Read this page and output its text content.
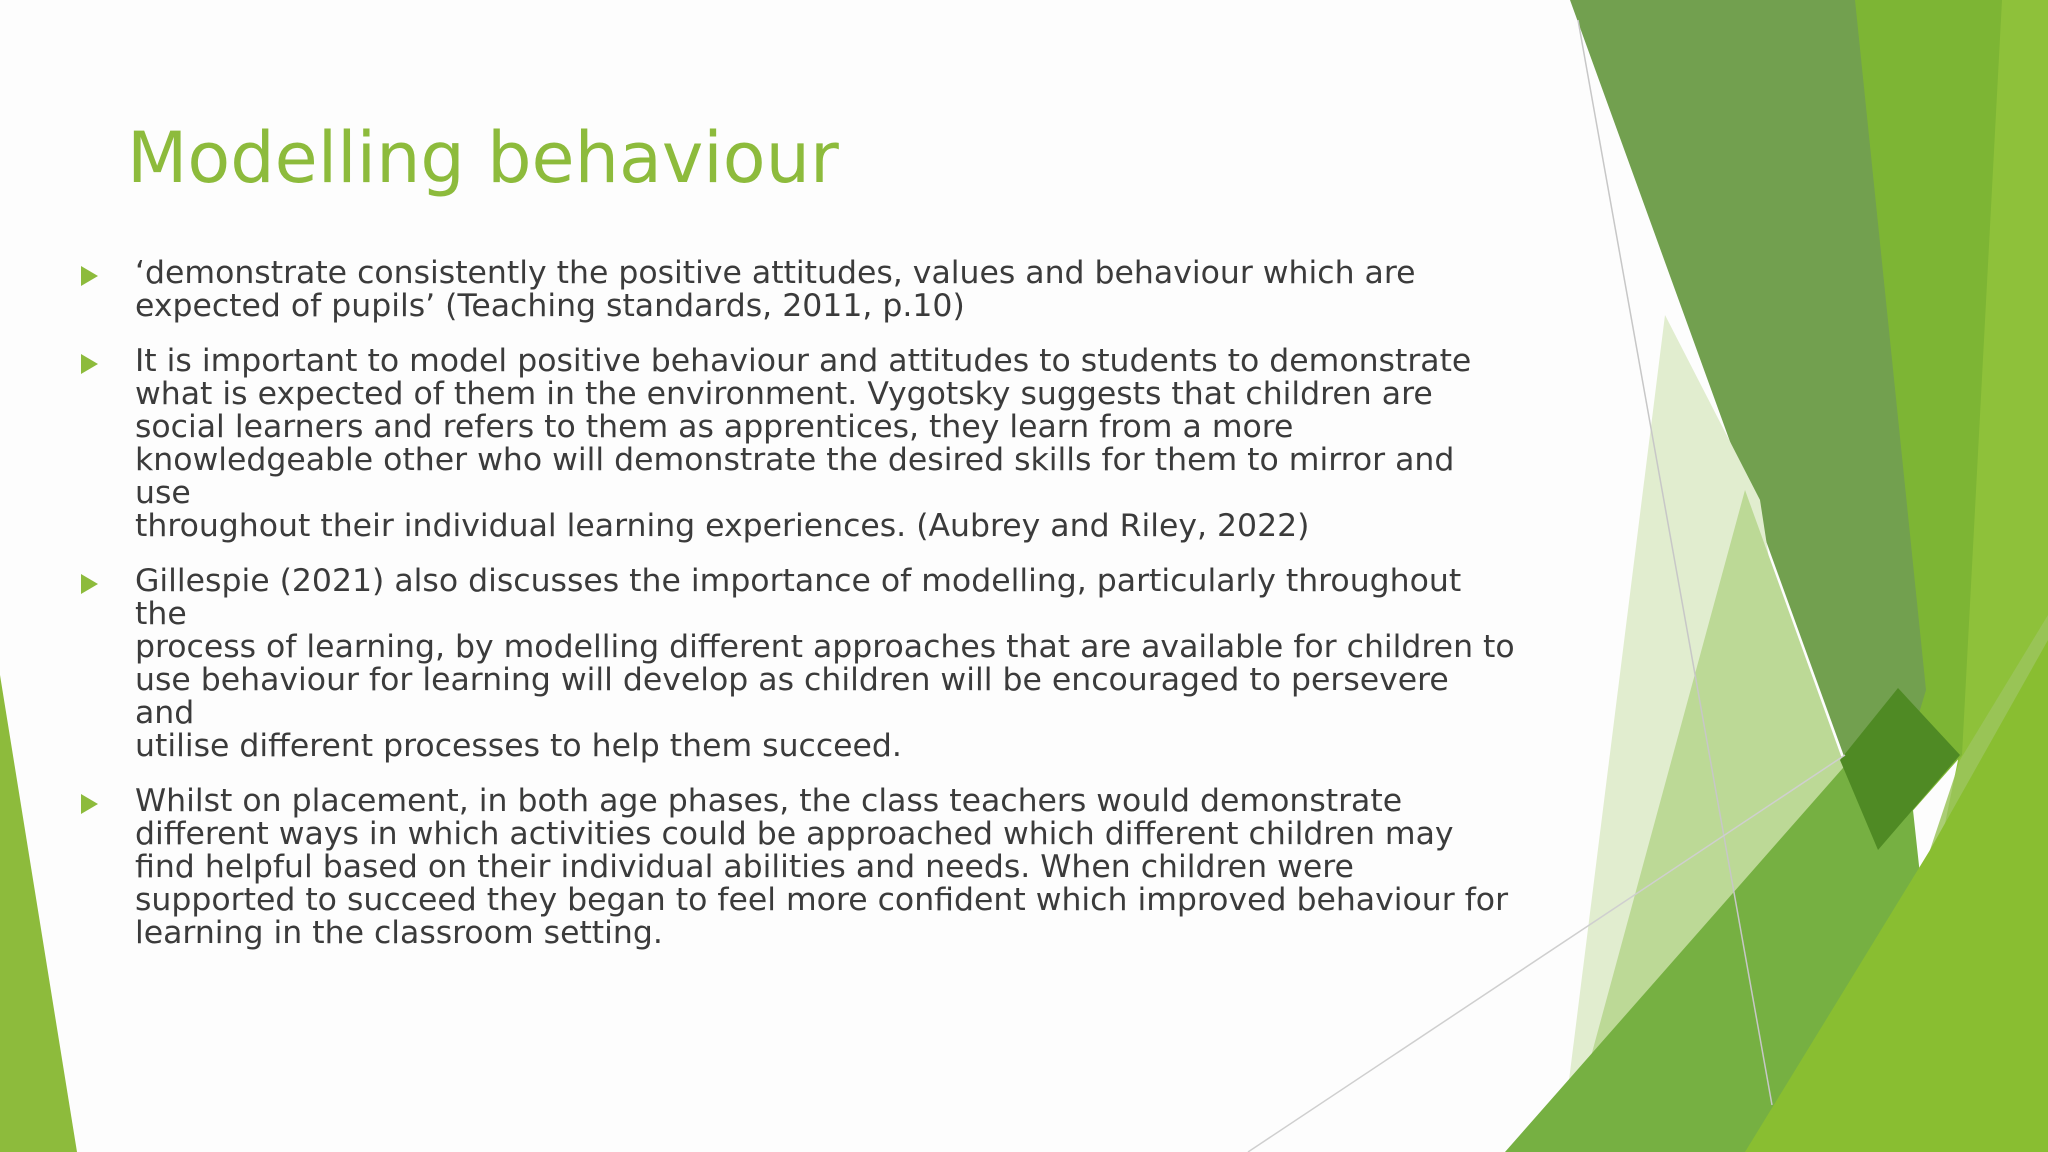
Modelling behaviour
‘demonstrate consistently the positive attitudes, values and behaviour which are
expected of pupils’ (Teaching standards, 2011, p.10)
It is important to model positive behaviour and attitudes to students to demonstrate
what is expected of them in the environment. Vygotsky suggests that children are
social learners and refers to them as apprentices, they learn from a more
knowledgeable other who will demonstrate the desired skills for them to mirror and use
throughout their individual learning experiences. (Aubrey and Riley, 2022)
Gillespie (2021) also discusses the importance of modelling, particularly throughout the
process of learning, by modelling different approaches that are available for children to
use behaviour for learning will develop as children will be encouraged to persevere and
utilise different processes to help them succeed.
Whilst on placement, in both age phases, the class teachers would demonstrate
different ways in which activities could be approached which different children may
find helpful based on their individual abilities and needs. When children were
supported to succeed they began to feel more confident which improved behaviour for
learning in the classroom setting.
